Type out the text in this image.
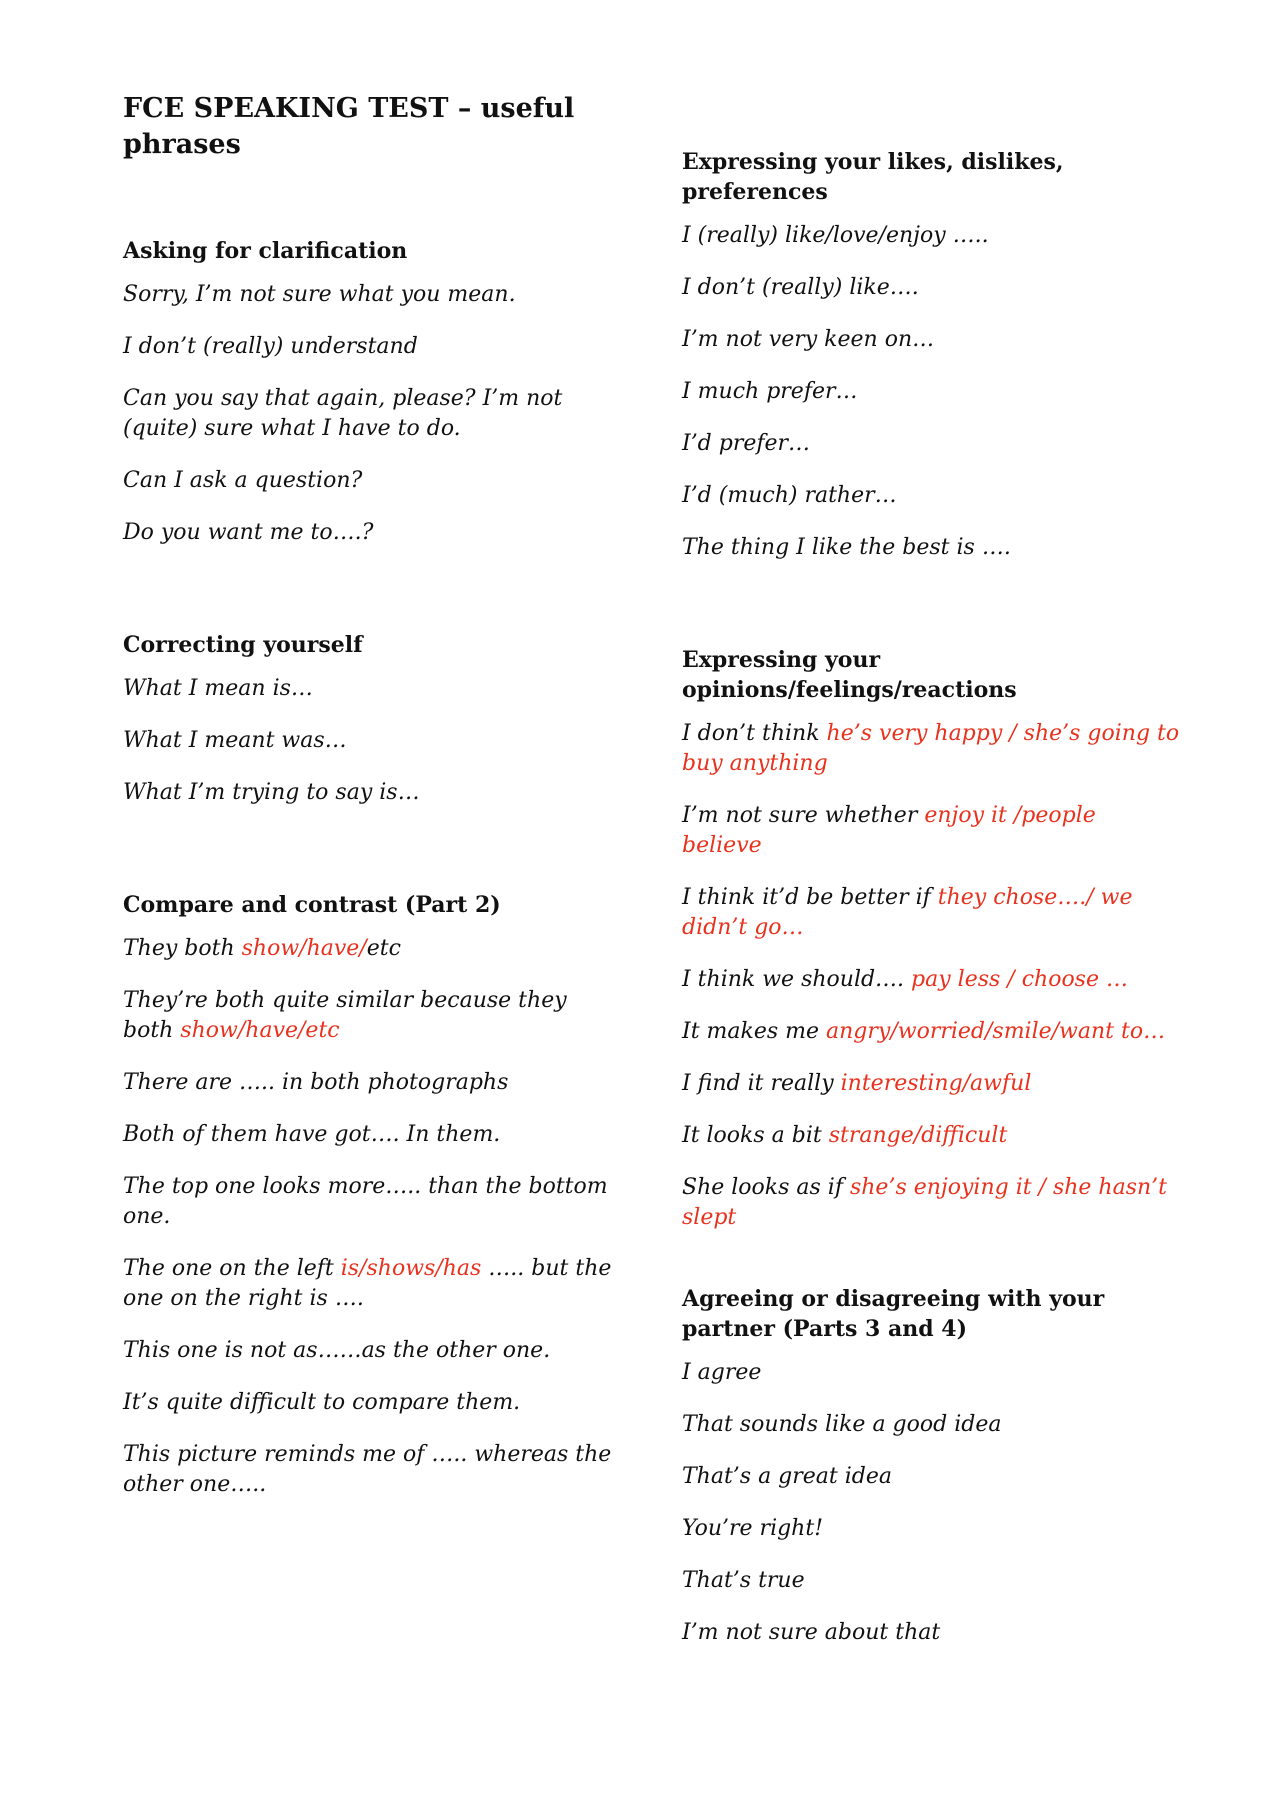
FCE SPEAKING TEST – useful phrases

Asking for clarification

Sorry, I’m not sure what you mean.

I don’t (really) understand

Can you say that again, please? I’m not (quite) sure what I have to do.

Can I ask a question?

Do you want me to….?

Correcting yourself

What I mean is…

What I meant was…

What I’m trying to say is…

Compare and contrast (Part 2)

They both show/have/etc

They’re both quite similar because they both show/have/etc

There are ….. in both photographs

Both of them have got…. In them.

The top one looks more….. than the bottom one.

The one on the left is/shows/has ….. but the one on the right is ….

This one is not as……as the other one.

It’s quite difficult to compare them.

This picture reminds me of ….. whereas the other one…..

Expressing your likes, dislikes, preferences

I (really) like/love/enjoy …..

I don’t (really) like….

I’m not very keen on…

I much prefer…

I’d prefer…

I’d (much) rather…

The thing I like the best is ….

Expressing your opinions/feelings/reactions

I don’t think he’s very happy / she’s going to buy anything

I’m not sure whether enjoy it /people believe

I think it’d be better if they chose…./ we didn’t go…

I think we should…. pay less / choose …

It makes me angry/worried/smile/want to…

I find it really interesting/awful

It looks a bit strange/difficult

She looks as if she’s enjoying it / she hasn’t slept

Agreeing or disagreeing with your partner (Parts 3 and 4)

I agree

That sounds like a good idea

That’s a great idea

You’re right!

That’s true

I’m not sure about that
